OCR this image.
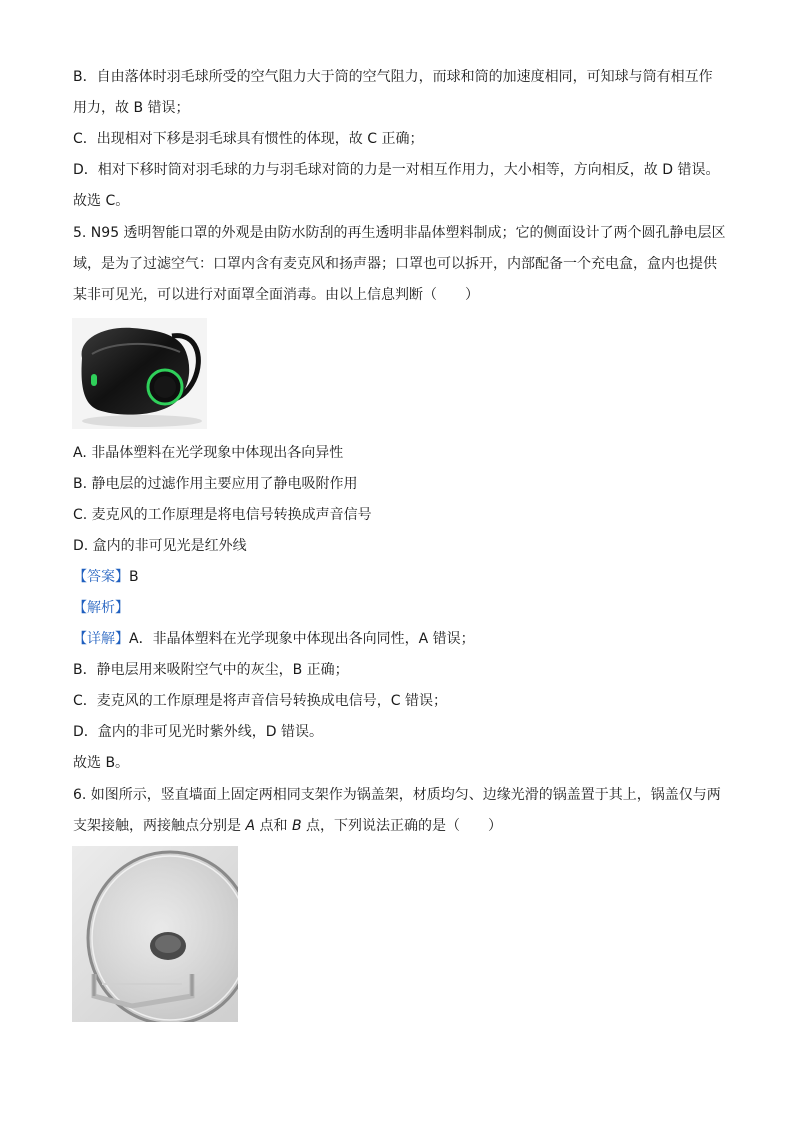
B．自由落体时羽毛球所受的空气阻力大于筒的空气阻力，而球和筒的加速度相同，可知球与筒有相互作
用力，故 B 错误；
C．出现相对下移是羽毛球具有惯性的体现，故 C 正确；
D．相对下移时筒对羽毛球的力与羽毛球对筒的力是一对相互作用力，大小相等，方向相反，故 D 错误。
故选 C。
5. N95 透明智能口罩的外观是由防水防刮的再生透明非晶体塑料制成；它的侧面设计了两个圆孔静电层区
域，是为了过滤空气：口罩内含有麦克风和扬声器；口罩也可以拆开，内部配备一个充电盒，盒内也提供
某非可见光，可以进行对面罩全面消毒。由以上信息判断（　　）
A. 非晶体塑料在光学现象中体现出各向异性
B. 静电层的过滤作用主要应用了静电吸附作用
C. 麦克风的工作原理是将电信号转换成声音信号
D. 盒内的非可见光是红外线
【答案】B
【解析】
【详解】A．非晶体塑料在光学现象中体现出各向同性，A 错误；
B．静电层用来吸附空气中的灰尘，B 正确；
C．麦克风的工作原理是将声音信号转换成电信号，C 错误；
D．盒内的非可见光时紫外线，D 错误。
故选 B。
6. 如图所示，竖直墙面上固定两相同支架作为锅盖架，材质均匀、边缘光滑的锅盖置于其上，锅盖仅与两
支架接触，两接触点分别是 A 点和 B 点，下列说法正确的是（　　）
